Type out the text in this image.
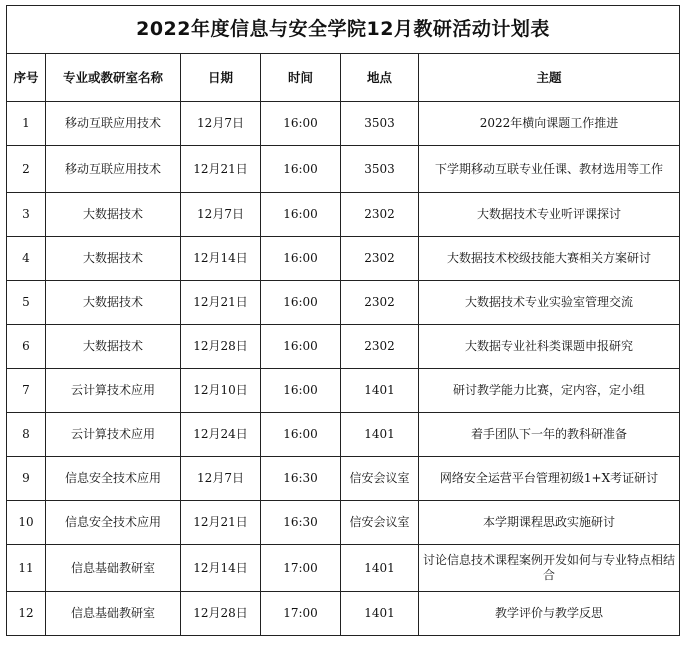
2022年度信息与安全学院12月教研活动计划表					
序号	专业或教研室名称	日期	时间	地点	主题
1	移动互联应用技术	12月7日	16:00	3503	2022年横向课题工作推进
2	移动互联应用技术	12月21日	16:00	3503	下学期移动互联专业任课、教材选用等工作
3	大数据技术	12月7日	16:00	2302	大数据技术专业听评课探讨
4	大数据技术	12月14日	16:00	2302	大数据技术校级技能大赛相关方案研讨
5	大数据技术	12月21日	16:00	2302	大数据技术专业实验室管理交流
6	大数据技术	12月28日	16:00	2302	大数据专业社科类课题申报研究
7	云计算技术应用	12月10日	16:00	1401	研讨教学能力比赛，定内容，定小组
8	云计算技术应用	12月24日	16:00	1401	着手团队下一年的教科研准备
9	信息安全技术应用	12月7日	16:30	信安会议室	网络安全运营平台管理初级1+X考证研讨
10	信息安全技术应用	12月21日	16:30	信安会议室	本学期课程思政实施研讨
11	信息基础教研室	12月14日	17:00	1401	讨论信息技术课程案例开发如何与专业特点相结合
12	信息基础教研室	12月28日	17:00	1401	教学评价与教学反思
